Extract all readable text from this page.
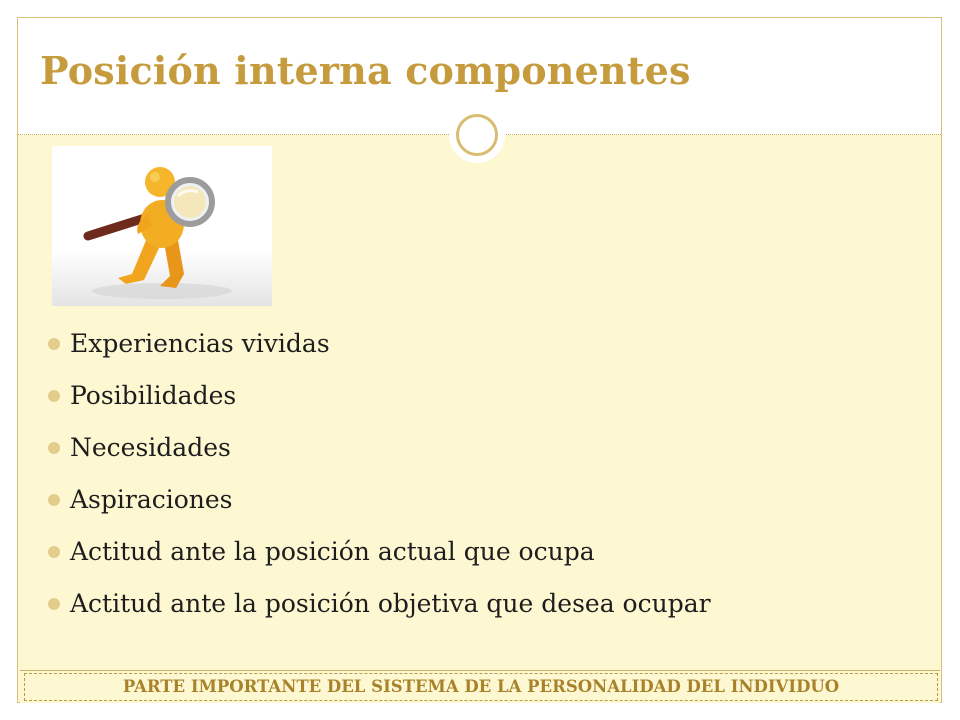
Posición interna componentes
Experiencias vividas
Posibilidades
Necesidades
Aspiraciones
Actitud ante la posición actual que ocupa
Actitud ante la posición objetiva que desea ocupar
PARTE IMPORTANTE DEL SISTEMA DE LA PERSONALIDAD DEL INDIVIDUO
